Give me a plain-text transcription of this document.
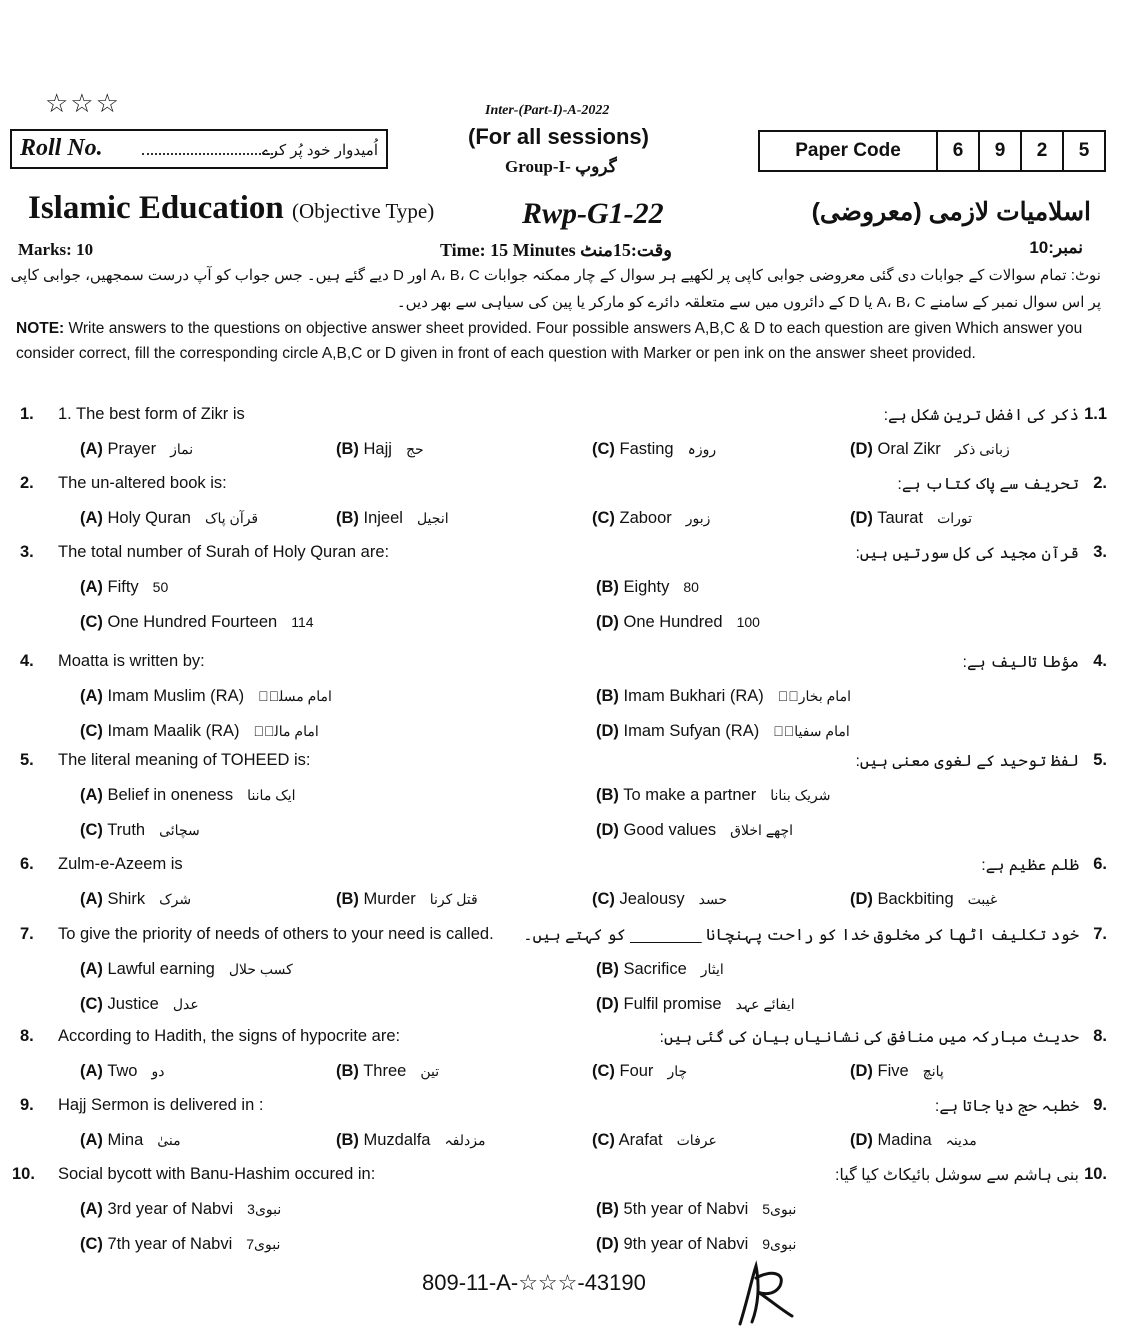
☆☆☆	Inter-(Part-I)-A-2022
(For all sessions)
Group-I- گروپ
Roll No.	اُمیدوار خود پُر کرے	Paper Code	6	9	2	5
Islamic Education (Objective Type)	Rwp-G1-22	اسلامیات لازمی (معروضی)
Marks: 10	Time: 15 Minutes وقت:15منٹ	نمبر:10
نوٹ: تمام سوالات کے جوابات دی گئی معروضی جوابی کاپی پر لکھیے ہر سوال کے چار ممکنہ جوابات A، B، C اور D دیے گئے ہیں۔ جس جواب کو آپ درست سمجھیں، جوابی کاپی پر اس سوال نمبر کے سامنے A، B، C یا D کے دائروں میں سے متعلقہ دائرے کو مارکر یا پین کی سیاہی سے بھر دیں۔
NOTE: Write answers to the questions on objective answer sheet provided. Four possible answers A,B,C & D to each question are given Which answer you consider correct, fill the corresponding circle A,B,C or D given in front of each question with Marker or pen ink on the answer sheet provided.
1. 1. The best form of Zikr is	ذکر کی افضل ترین شکل ہے: 1.1
(A) Prayer نماز	(B) Hajj حج	(C) Fasting روزہ	(D) Oral Zikr زبانی ذکر
2. The un-altered book is:	تحریف سے پاک کتاب ہے: 2.
(A) Holy Quran قرآن پاک	(B) Injeel انجیل	(C) Zaboor زبور	(D) Taurat تورات
3. The total number of Surah of Holy Quran are:	قرآن مجید کی کل سورتیں ہیں: 3.
(A) Fifty 50	(B) Eighty 80
(C) One Hundred Fourteen 114	(D) One Hundred 100
4. Moatta is written by:	مؤطا تالیف ہے: 4.
(A) Imam Muslim (RA) امام مسلمؒ	(B) Imam Bukhari (RA) امام بخاریؒ
(C) Imam Maalik (RA) امام مالکؒ	(D) Imam Sufyan (RA) امام سفیانؒ
5. The literal meaning of TOHEED is:	لفظ توحید کے لغوی معنی ہیں: 5.
(A) Belief in oneness ایک ماننا	(B) To make a partner شریک بنانا
(C) Truth سچائی	(D) Good values اچھے اخلاق
6. Zulm-e-Azeem is	ظلم عظیم ہے: 6.
(A) Shirk شرک	(B) Murder قتل کرنا	(C) Jealousy حسد	(D) Backbiting غیبت
7. To give the priority of needs of others to your need is called. خود تکلیف اٹھا کر مخلوق خدا کو راحت پہنچانا ________ کو کہتے ہیں۔ 7.
(A) Lawful earning کسب حلال	(B) Sacrifice ایثار
(C) Justice عدل	(D) Fulfil promise ایفائے عہد
8. According to Hadith, the signs of hypocrite are:	حدیث مبارکہ میں منافق کی نشانیاں بیان کی گئی ہیں: 8.
(A) Two دو	(B) Three تین	(C) Four چار	(D) Five پانچ
9. Hajj Sermon is delivered in :	خطبہ حج دیا جاتا ہے: 9.
(A) Mina منیٰ	(B) Muzdalfa مزدلفہ	(C) Arafat عرفات	(D) Madina مدینہ
10. Social bycott with Banu-Hashim occured in:	بنی ہاشم سے سوشل بائیکاٹ کیا گیا: 10.
(A) 3rd year of Nabvi 3نبوی	(B) 5th year of Nabvi 5نبوی
(C) 7th year of Nabvi 7نبوی	(D) 9th year of Nabvi 9نبوی
809-11-A-☆☆☆-43190
